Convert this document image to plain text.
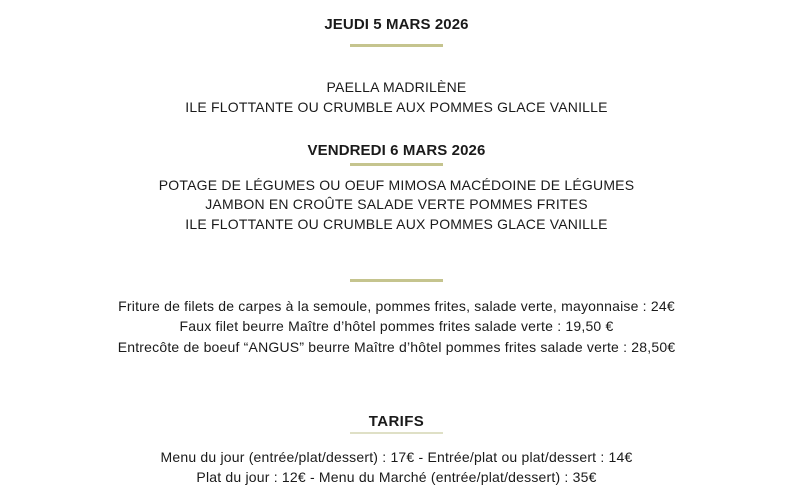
JEUDI 5 MARS 2026
PAELLA MADRILÈNE
ILE FLOTTANTE OU CRUMBLE AUX POMMES GLACE VANILLE
VENDREDI 6 MARS 2026
POTAGE DE LÉGUMES OU OEUF MIMOSA MACÉDOINE DE LÉGUMES
JAMBON EN CROÛTE SALADE VERTE POMMES FRITES
ILE FLOTTANTE OU CRUMBLE AUX POMMES GLACE VANILLE
Friture de filets de carpes à la semoule, pommes frites, salade verte, mayonnaise : 24€
Faux filet beurre Maître d’hôtel pommes frites salade verte : 19,50 €
Entrecôte de boeuf “ANGUS” beurre Maître d’hôtel pommes frites salade verte : 28,50€
TARIFS
Menu du jour (entrée/plat/dessert) : 17€ - Entrée/plat ou plat/dessert : 14€
Plat du jour : 12€ - Menu du Marché (entrée/plat/dessert) : 35€
